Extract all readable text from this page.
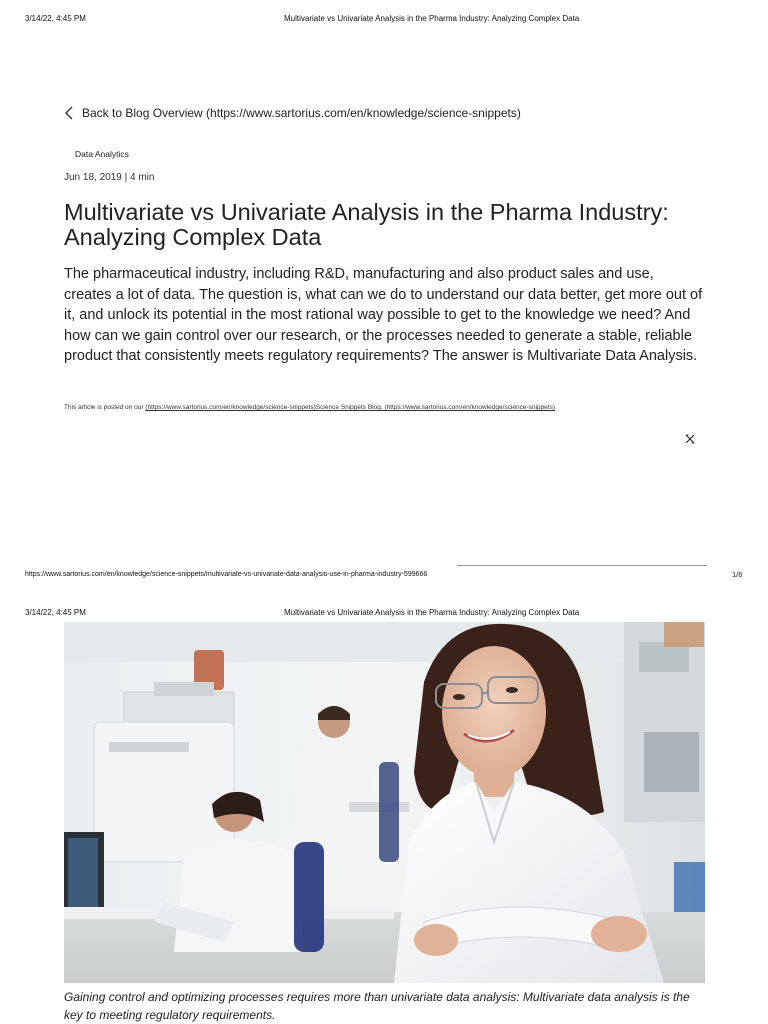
3/14/22, 4:45 PM	Multivariate vs Univariate Analysis in the Pharma Industry: Analyzing Complex Data
Back to Blog Overview (https://www.sartorius.com/en/knowledge/science-snippets)
Data Analytics
Jun 18, 2019 | 4 min
Multivariate vs Univariate Analysis in the Pharma Industry: Analyzing Complex Data

The pharmaceutical industry, including R&D, manufacturing and also product sales and use, creates a lot of data. The question is, what can we do to understand our data better, get more out of it, and unlock its potential in the most rational way possible to get to the knowledge we need? And how can we gain control over our research, or the processes needed to generate a stable, reliable product that consistently meets regulatory requirements? The answer is Multivariate Data Analysis.

This article is posted on our (https://www.sartorius.com/en/knowledge/science-snippets)Science Snippets Blog. (https://www.sartorius.com/en/knowledge/science-snippets)
https://www.sartorius.com/en/knowledge/science-snippets/multivariate-vs-univariate-data-analysis-use-in-pharma-industry-599666	1/6
3/14/22, 4:45 PM	Multivariate vs Univariate Analysis in the Pharma Industry: Analyzing Complex Data

Gaining control and optimizing processes requires more than univariate data analysis: Multivariate data analysis is the key to meeting regulatory requirements.
